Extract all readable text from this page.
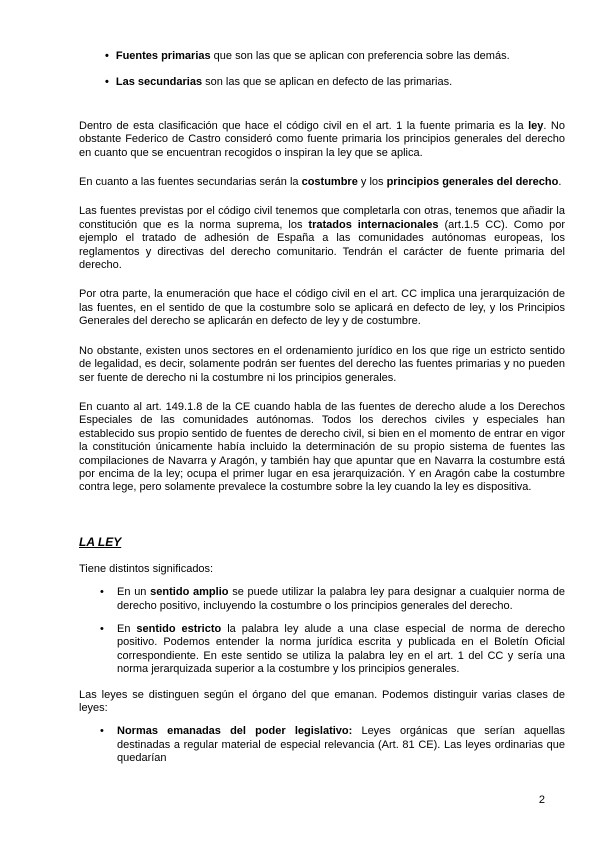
• Fuentes primarias que son las que se aplican con preferencia sobre las demás.

• Las secundarias son las que se aplican en defecto de las primarias.

Dentro de esta clasificación que hace el código civil en el art. 1 la fuente primaria es la ley. No obstante Federico de Castro consideró como fuente primaria los principios generales del derecho en cuanto que se encuentran recogidos o inspiran la ley que se aplica.

En cuanto a las fuentes secundarias serán la costumbre y los principios generales del derecho.

Las fuentes previstas por el código civil tenemos que completarla con otras, tenemos que añadir la constitución que es la norma suprema, los tratados internacionales (art.1.5 CC). Como por ejemplo el tratado de adhesión de España a las comunidades autónomas europeas, los reglamentos y directivas del derecho comunitario. Tendrán el carácter de fuente primaria del derecho.

Por otra parte, la enumeración que hace el código civil en el art. CC implica una jerarquización de las fuentes, en el sentido de que la costumbre solo se aplicará en defecto de ley, y los Principios Generales del derecho se aplicarán en defecto de ley y de costumbre.

No obstante, existen unos sectores en el ordenamiento jurídico en los que rige un estricto sentido de legalidad, es decir, solamente podrán ser fuentes del derecho las fuentes primarias y no pueden ser fuente de derecho ni la costumbre ni los principios generales.

En cuanto al art. 149.1.8 de la CE cuando habla de las fuentes de derecho alude a los Derechos Especiales de las comunidades autónomas. Todos los derechos civiles y especiales han establecido sus propio sentido de fuentes de derecho civil, si bien en el momento de entrar en vigor la constitución únicamente había incluido la determinación de su propio sistema de fuentes las compilaciones de Navarra y Aragón, y también hay que apuntar que en Navarra la costumbre está por encima de la ley; ocupa el primer lugar en esa jerarquización. Y en Aragón cabe la costumbre contra lege, pero solamente prevalece la costumbre sobre la ley cuando la ley es dispositiva.

LA LEY

Tiene distintos significados:

•	En un sentido amplio se puede utilizar la palabra ley para designar a cualquier norma de derecho positivo, incluyendo la costumbre o los principios generales del derecho.

•	En sentido estricto la palabra ley alude a una clase especial de norma de derecho positivo. Podemos entender la norma jurídica escrita y publicada en el Boletín Oficial correspondiente. En este sentido se utiliza la palabra ley en el art. 1 del CC y sería una norma jerarquizada superior a la costumbre y los principios generales.

Las leyes se distinguen según el órgano del que emanan. Podemos distinguir varias clases de leyes:

•	Normas emanadas del poder legislativo: Leyes orgánicas que serían aquellas destinadas a regular material de especial relevancia (Art. 81 CE). Las leyes ordinarias que quedarían

2
